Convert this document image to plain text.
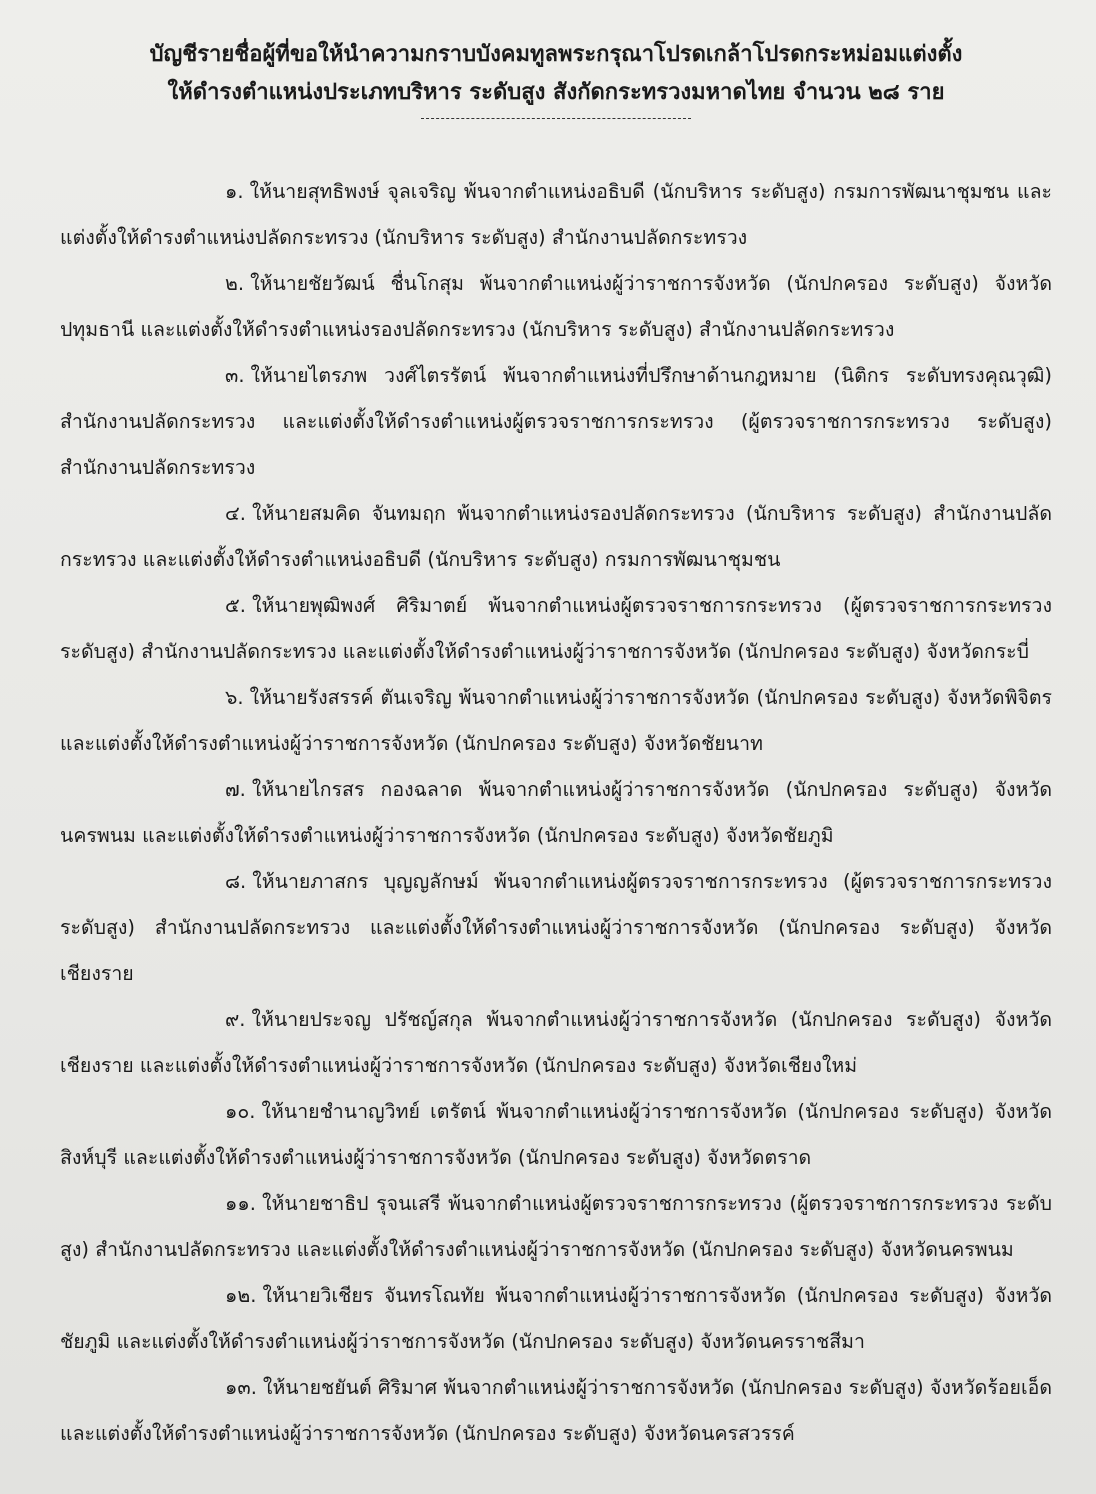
บัญชีรายชื่อผู้ที่ขอให้นำความกราบบังคมทูลพระกรุณาโปรดเกล้าโปรดกระหม่อมแต่งตั้ง
ให้ดำรงตำแหน่งประเภทบริหาร ระดับสูง สังกัดกระทรวงมหาดไทย จำนวน ๒๘ ราย

๑. ให้นายสุทธิพงษ์ จุลเจริญ พ้นจากตำแหน่งอธิบดี (นักบริหาร ระดับสูง) กรมการพัฒนาชุมชน และแต่งตั้งให้ดำรงตำแหน่งปลัดกระทรวง (นักบริหาร ระดับสูง) สำนักงานปลัดกระทรวง

๒. ให้นายชัยวัฒน์ ชื่นโกสุม พ้นจากตำแหน่งผู้ว่าราชการจังหวัด (นักปกครอง ระดับสูง) จังหวัดปทุมธานี และแต่งตั้งให้ดำรงตำแหน่งรองปลัดกระทรวง (นักบริหาร ระดับสูง) สำนักงานปลัดกระทรวง

๓. ให้นายไตรภพ วงศ์ไตรรัตน์ พ้นจากตำแหน่งที่ปรึกษาด้านกฎหมาย (นิติกร ระดับทรงคุณวุฒิ) สำนักงานปลัดกระทรวง และแต่งตั้งให้ดำรงตำแหน่งผู้ตรวจราชการกระทรวง (ผู้ตรวจราชการกระทรวง ระดับสูง) สำนักงานปลัดกระทรวง

๔. ให้นายสมคิด จันทมฤก พ้นจากตำแหน่งรองปลัดกระทรวง (นักบริหาร ระดับสูง) สำนักงานปลัดกระทรวง และแต่งตั้งให้ดำรงตำแหน่งอธิบดี (นักบริหาร ระดับสูง) กรมการพัฒนาชุมชน

๕. ให้นายพุฒิพงศ์ ศิริมาตย์ พ้นจากตำแหน่งผู้ตรวจราชการกระทรวง (ผู้ตรวจราชการกระทรวง ระดับสูง) สำนักงานปลัดกระทรวง และแต่งตั้งให้ดำรงตำแหน่งผู้ว่าราชการจังหวัด (นักปกครอง ระดับสูง) จังหวัดกระบี่

๖. ให้นายรังสรรค์ ตันเจริญ พ้นจากตำแหน่งผู้ว่าราชการจังหวัด (นักปกครอง ระดับสูง) จังหวัดพิจิตร และแต่งตั้งให้ดำรงตำแหน่งผู้ว่าราชการจังหวัด (นักปกครอง ระดับสูง) จังหวัดชัยนาท

๗. ให้นายไกรสร กองฉลาด พ้นจากตำแหน่งผู้ว่าราชการจังหวัด (นักปกครอง ระดับสูง) จังหวัดนครพนม และแต่งตั้งให้ดำรงตำแหน่งผู้ว่าราชการจังหวัด (นักปกครอง ระดับสูง) จังหวัดชัยภูมิ

๘. ให้นายภาสกร บุญญลักษม์ พ้นจากตำแหน่งผู้ตรวจราชการกระทรวง (ผู้ตรวจราชการกระทรวง ระดับสูง) สำนักงานปลัดกระทรวง และแต่งตั้งให้ดำรงตำแหน่งผู้ว่าราชการจังหวัด (นักปกครอง ระดับสูง) จังหวัดเชียงราย

๙. ให้นายประจญ ปรัชญ์สกุล พ้นจากตำแหน่งผู้ว่าราชการจังหวัด (นักปกครอง ระดับสูง) จังหวัดเชียงราย และแต่งตั้งให้ดำรงตำแหน่งผู้ว่าราชการจังหวัด (นักปกครอง ระดับสูง) จังหวัดเชียงใหม่

๑๐. ให้นายชำนาญวิทย์ เตรัตน์ พ้นจากตำแหน่งผู้ว่าราชการจังหวัด (นักปกครอง ระดับสูง) จังหวัดสิงห์บุรี และแต่งตั้งให้ดำรงตำแหน่งผู้ว่าราชการจังหวัด (นักปกครอง ระดับสูง) จังหวัดตราด

๑๑. ให้นายชาธิป รุจนเสรี พ้นจากตำแหน่งผู้ตรวจราชการกระทรวง (ผู้ตรวจราชการกระทรวง ระดับสูง) สำนักงานปลัดกระทรวง และแต่งตั้งให้ดำรงตำแหน่งผู้ว่าราชการจังหวัด (นักปกครอง ระดับสูง) จังหวัดนครพนม

๑๒. ให้นายวิเชียร จันทรโณทัย พ้นจากตำแหน่งผู้ว่าราชการจังหวัด (นักปกครอง ระดับสูง) จังหวัดชัยภูมิ และแต่งตั้งให้ดำรงตำแหน่งผู้ว่าราชการจังหวัด (นักปกครอง ระดับสูง) จังหวัดนครราชสีมา

๑๓. ให้นายชยันต์ ศิริมาศ พ้นจากตำแหน่งผู้ว่าราชการจังหวัด (นักปกครอง ระดับสูง) จังหวัดร้อยเอ็ด และแต่งตั้งให้ดำรงตำแหน่งผู้ว่าราชการจังหวัด (นักปกครอง ระดับสูง) จังหวัดนครสวรรค์
